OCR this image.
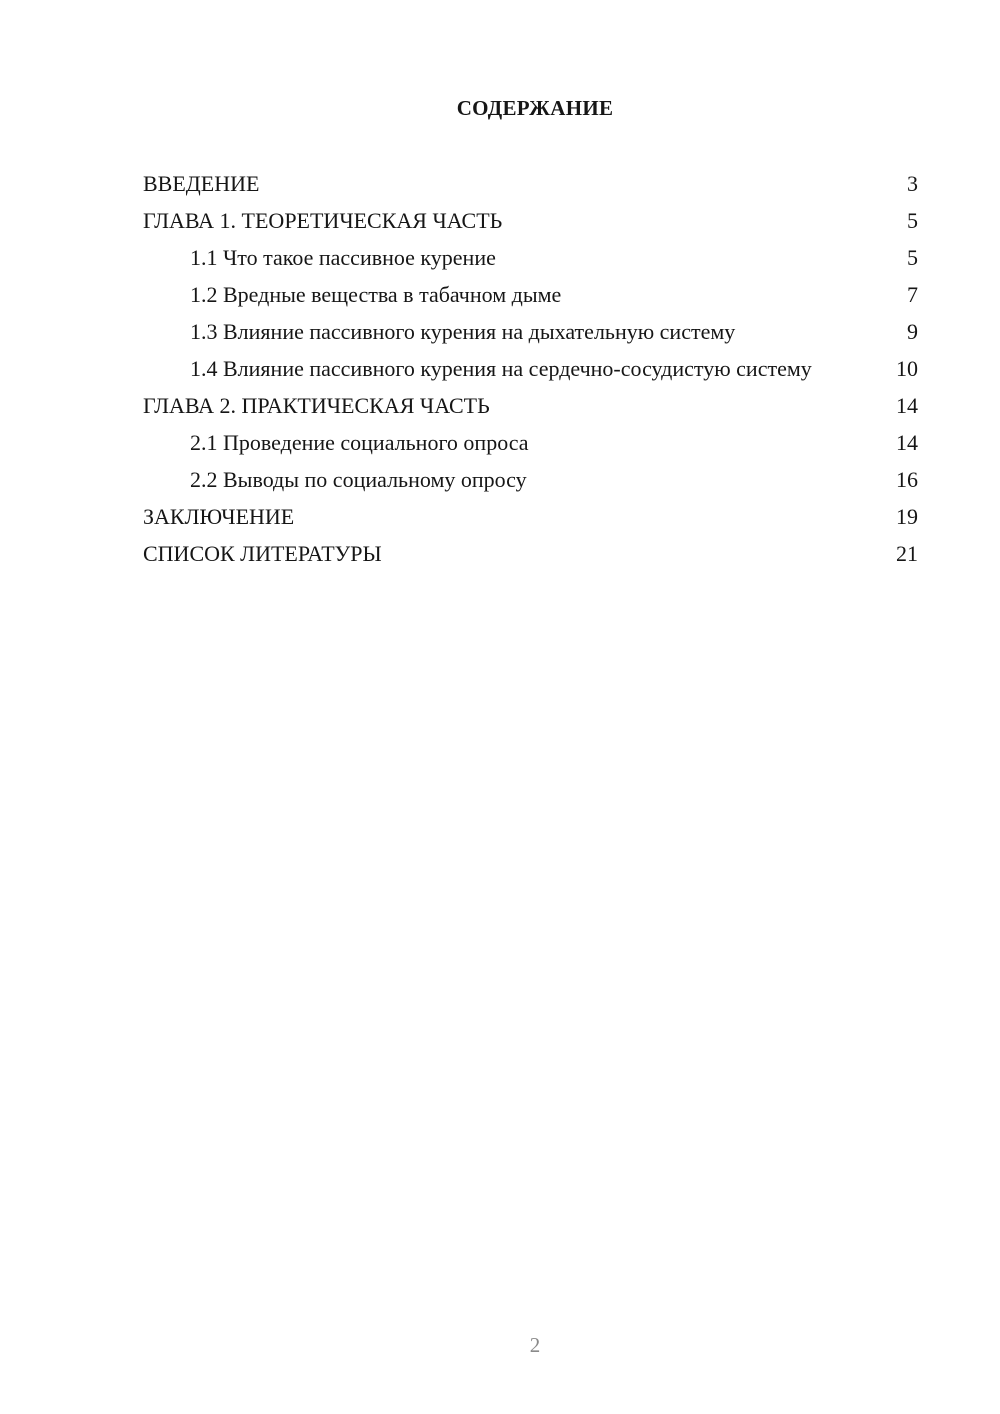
СОДЕРЖАНИЕ
ВВЕДЕНИЕ	3
ГЛАВА 1. ТЕОРЕТИЧЕСКАЯ ЧАСТЬ	5
1.1 Что такое пассивное курение	5
1.2 Вредные вещества в табачном дыме	7
1.3 Влияние пассивного курения на дыхательную систему	9
1.4 Влияние пассивного курения на сердечно-сосудистую систему	10
ГЛАВА 2. ПРАКТИЧЕСКАЯ ЧАСТЬ	14
2.1 Проведение социального опроса	14
2.2 Выводы по социальному опросу	16
ЗАКЛЮЧЕНИЕ	19
СПИСОК ЛИТЕРАТУРЫ	21
2
